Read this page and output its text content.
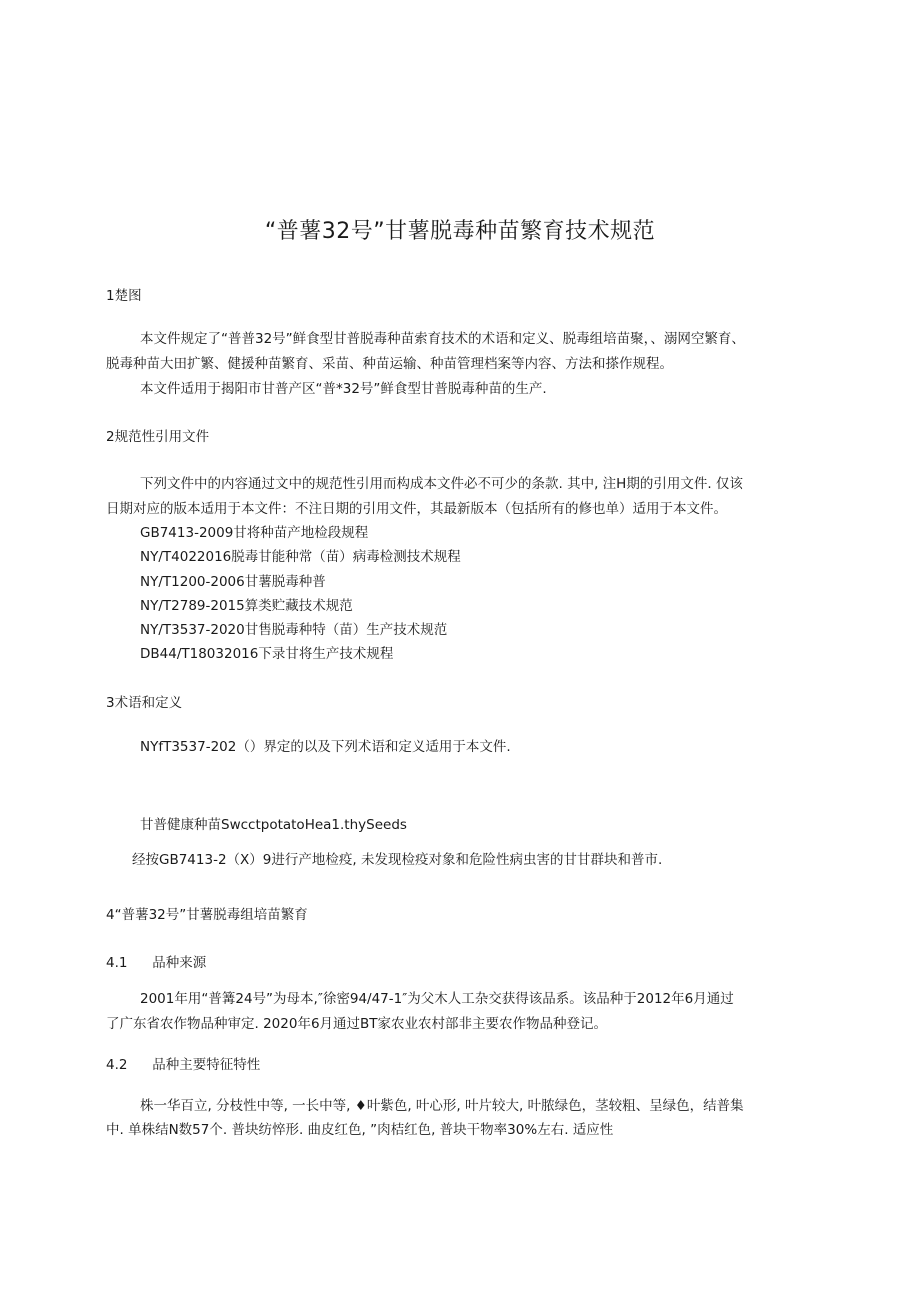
“普薯32号”甘薯脱毒种苗繁育技术规范
1楚图
本文件规定了“普普32号”鲜食型甘普脱毒种苗索育技术的术语和定义、脱毒组培苗聚，、溺网空繁育、
脱毒种苗大田扩繁、健援种苗繁育、采苗、种苗运输、种苗管理档案等内容、方法和搽作规程。
本文件适用于揭阳市甘普产区“普*32号”鲜食型甘普脱毒种苗的生产.
2规范性引用文件
下列文件中的内容通过文中的规范性引用而构成本文件必不可少的条款. 其中, 注H期的引用文件. 仅该
日期对应的版本适用于本文件：不注日期的引用文件，其最新版本（包括所有的修也单）适用于本文件。
GB7413-2009甘将种苗产地检段规程
NY/T4022016脱毒甘能种常（苗）病毒检测技术规程
NY/T1200-2006甘薯脱毒种普
NY/T2789-2015算类贮藏技术规范
NY/T3537-2020甘售脱毒种特（苗）生产技术规范
DB44/T18032016下录甘将生产技术规程
3术语和定义
NYfT3537-202（）界定的以及下列术语和定义适用于本文件.
甘普健康种苗SwcctpotatoHea1.thySeeds
经按GB7413-2（X）9进行产地检疫, 未发现检疫对象和危险性病虫害的甘甘群块和普市.
4“普薯32号”甘薯脱毒组培苗繁育
4.1 品种来源
2001年用“普篝24号”为母本,″徐密94/47-1″为父木人工杂交获得该品系。该品种于2012年6月通过
了广东省农作物品种审定. 2020年6月通过BT家农业农村部非主要农作物品种登记。
4.2 品种主要特征特性
株一华百立, 分枝性中等, 一长中等, ♦叶紫色, 叶心形, 叶片较大, 叶脓绿色，茎较粗、呈绿色，结普集
中. 单株结N数57个. 普块纺悴形. 曲皮红色, ”肉桔红色, 普块干物率30%左右. 适应性
